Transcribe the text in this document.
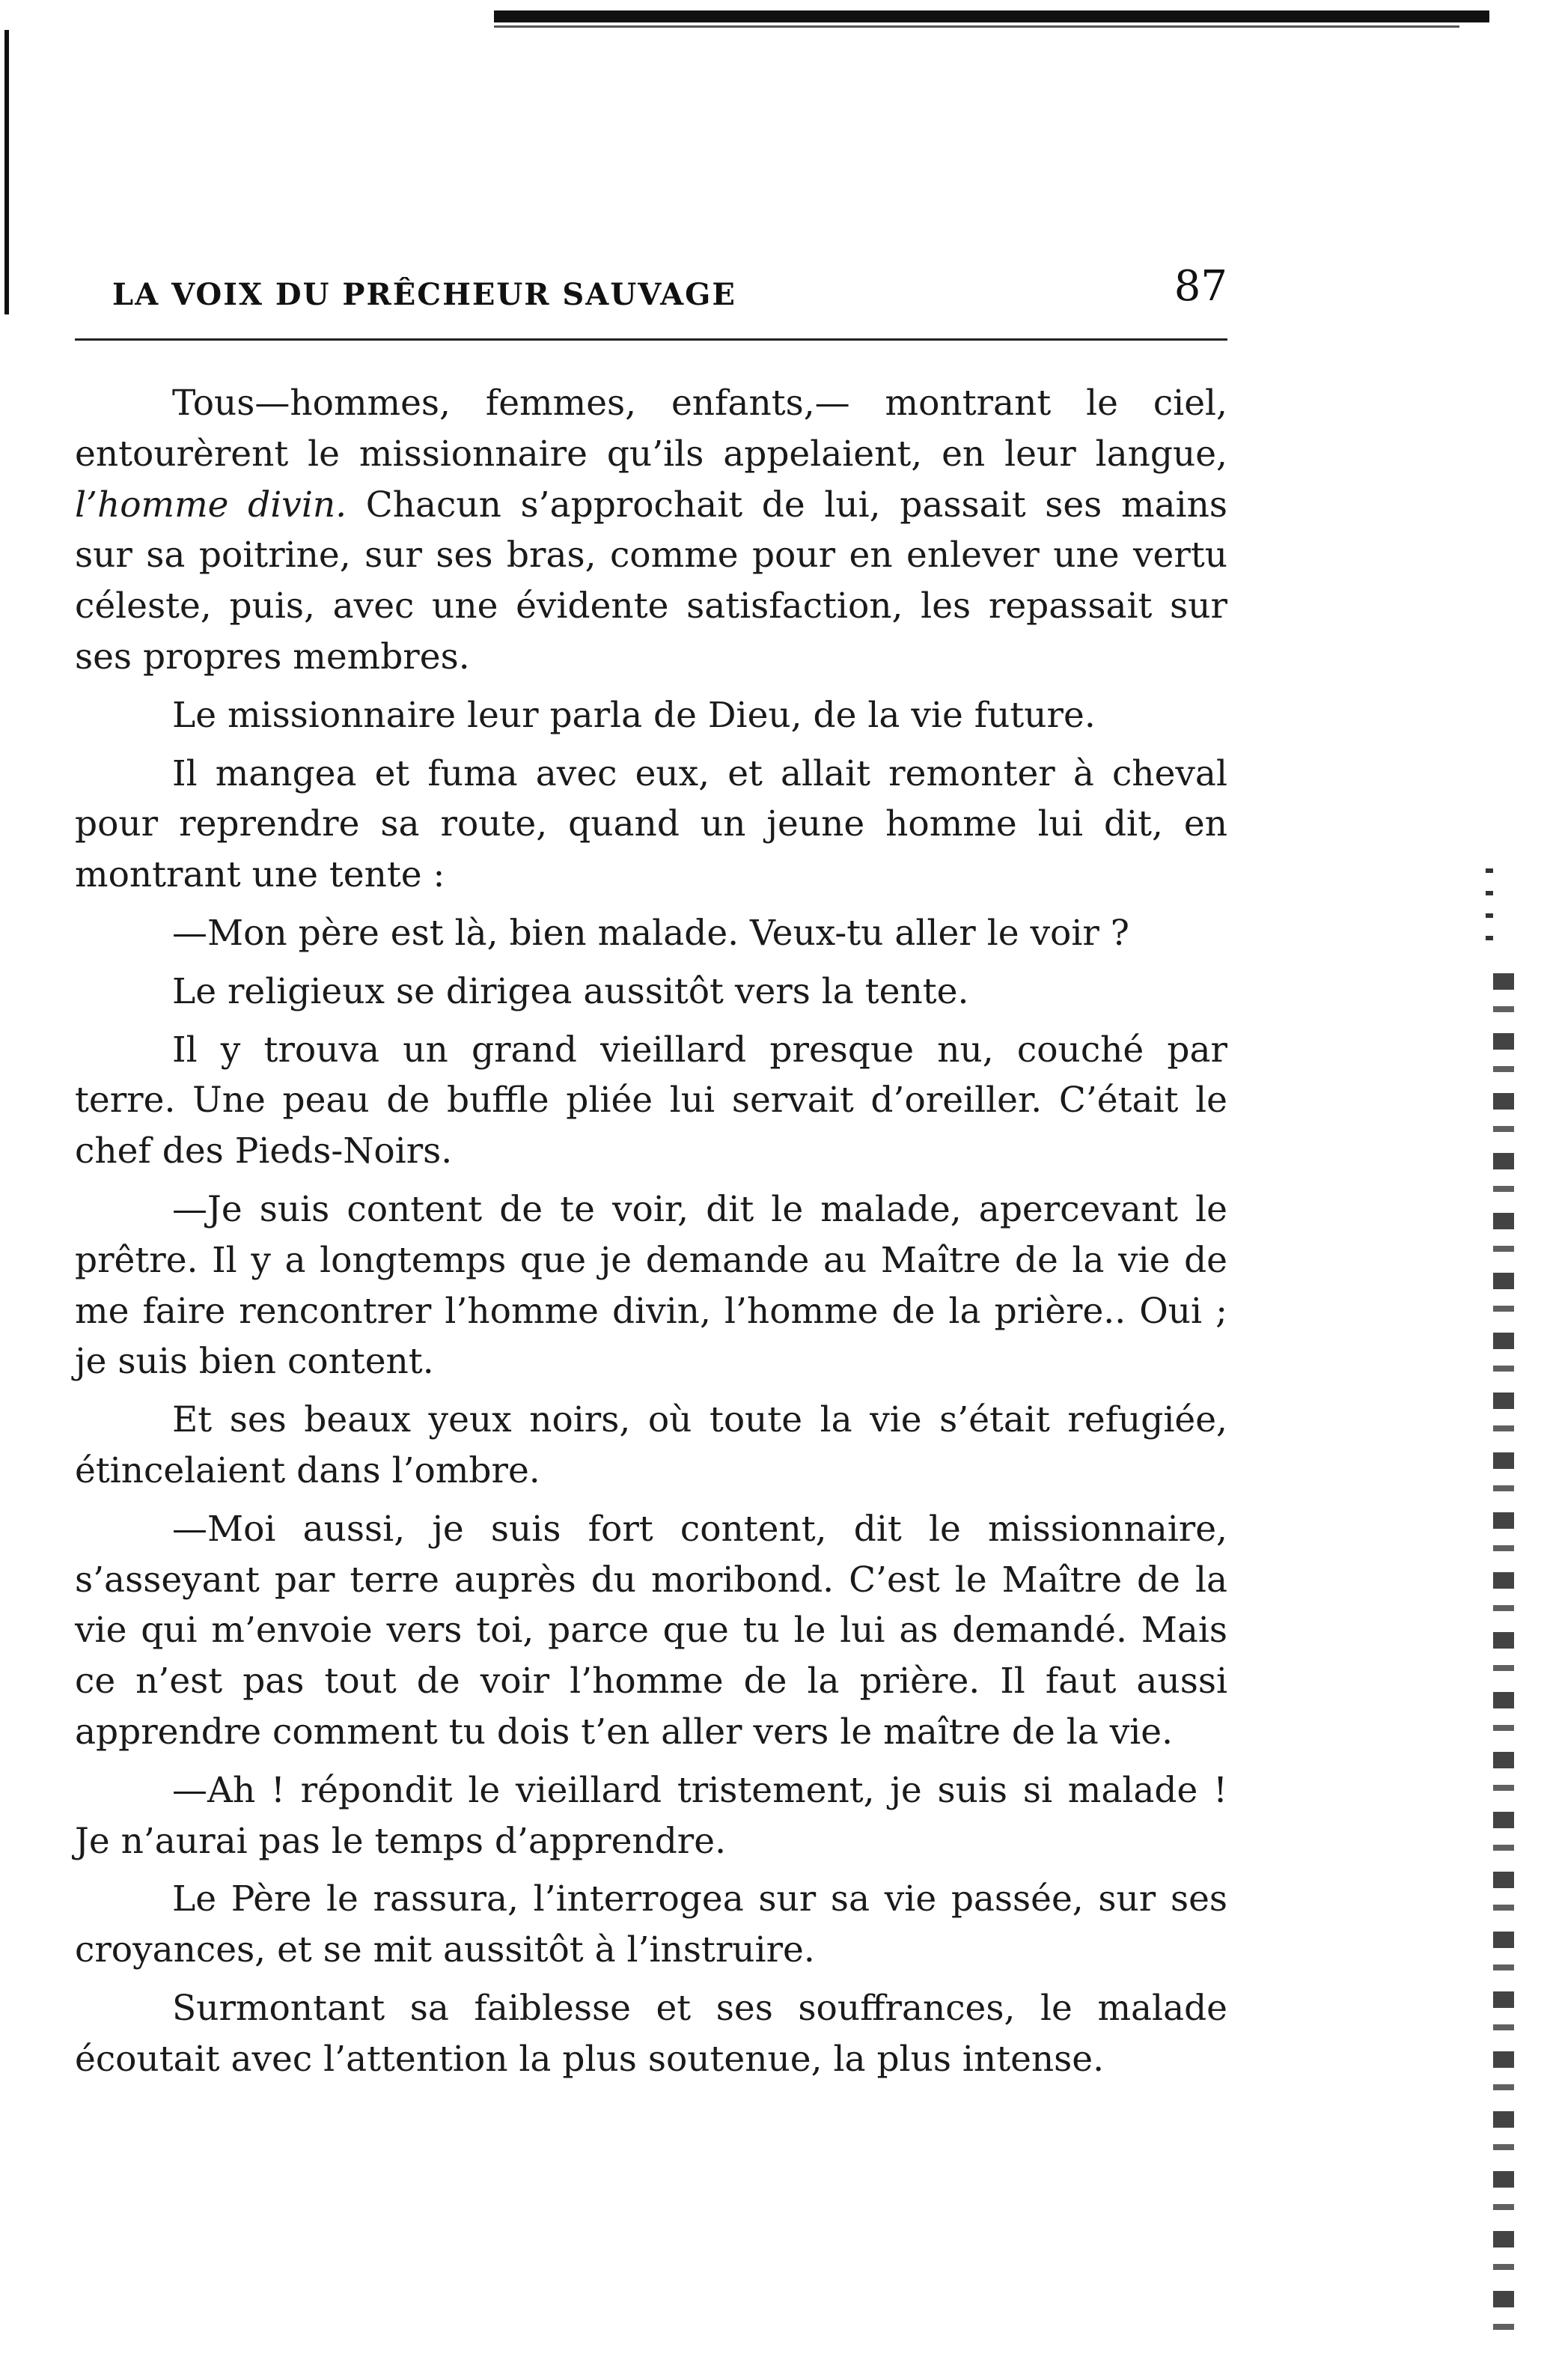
LA VOIX DU PRÊCHEUR SAUVAGE	87

Tous—hommes, femmes, enfants,— montrant le ciel, entourèrent le missionnaire qu’ils appelaient, en leur langue, l’homme divin. Chacun s’approchait de lui, passait ses mains sur sa poitrine, sur ses bras, comme pour en enlever une vertu céleste, puis, avec une évidente satisfaction, les repassait sur ses propres membres.

Le missionnaire leur parla de Dieu, de la vie future.

Il mangea et fuma avec eux, et allait remonter à cheval pour reprendre sa route, quand un jeune homme lui dit, en montrant une tente :

—Mon père est là, bien malade. Veux-tu aller le voir ?

Le religieux se dirigea aussitôt vers la tente.

Il y trouva un grand vieillard presque nu, couché par terre. Une peau de buffle pliée lui servait d’oreiller. C’était le chef des Pieds-Noirs.

—Je suis content de te voir, dit le malade, apercevant le prêtre. Il y a longtemps que je demande au Maître de la vie de me faire rencontrer l’homme divin, l’homme de la prière.. Oui ; je suis bien content.

Et ses beaux yeux noirs, où toute la vie s’était refugiée, étincelaient dans l’ombre.

—Moi aussi, je suis fort content, dit le missionnaire, s’asseyant par terre auprès du moribond. C’est le Maître de la vie qui m’envoie vers toi, parce que tu le lui as demandé. Mais ce n’est pas tout de voir l’homme de la prière. Il faut aussi apprendre comment tu dois t’en aller vers le maître de la vie.

—Ah ! répondit le vieillard tristement, je suis si malade ! Je n’aurai pas le temps d’apprendre.

Le Père le rassura, l’interrogea sur sa vie passée, sur ses croyances, et se mit aussitôt à l’instruire.

Surmontant sa faiblesse et ses souffrances, le malade écoutait avec l’attention la plus soutenue, la plus intense.
